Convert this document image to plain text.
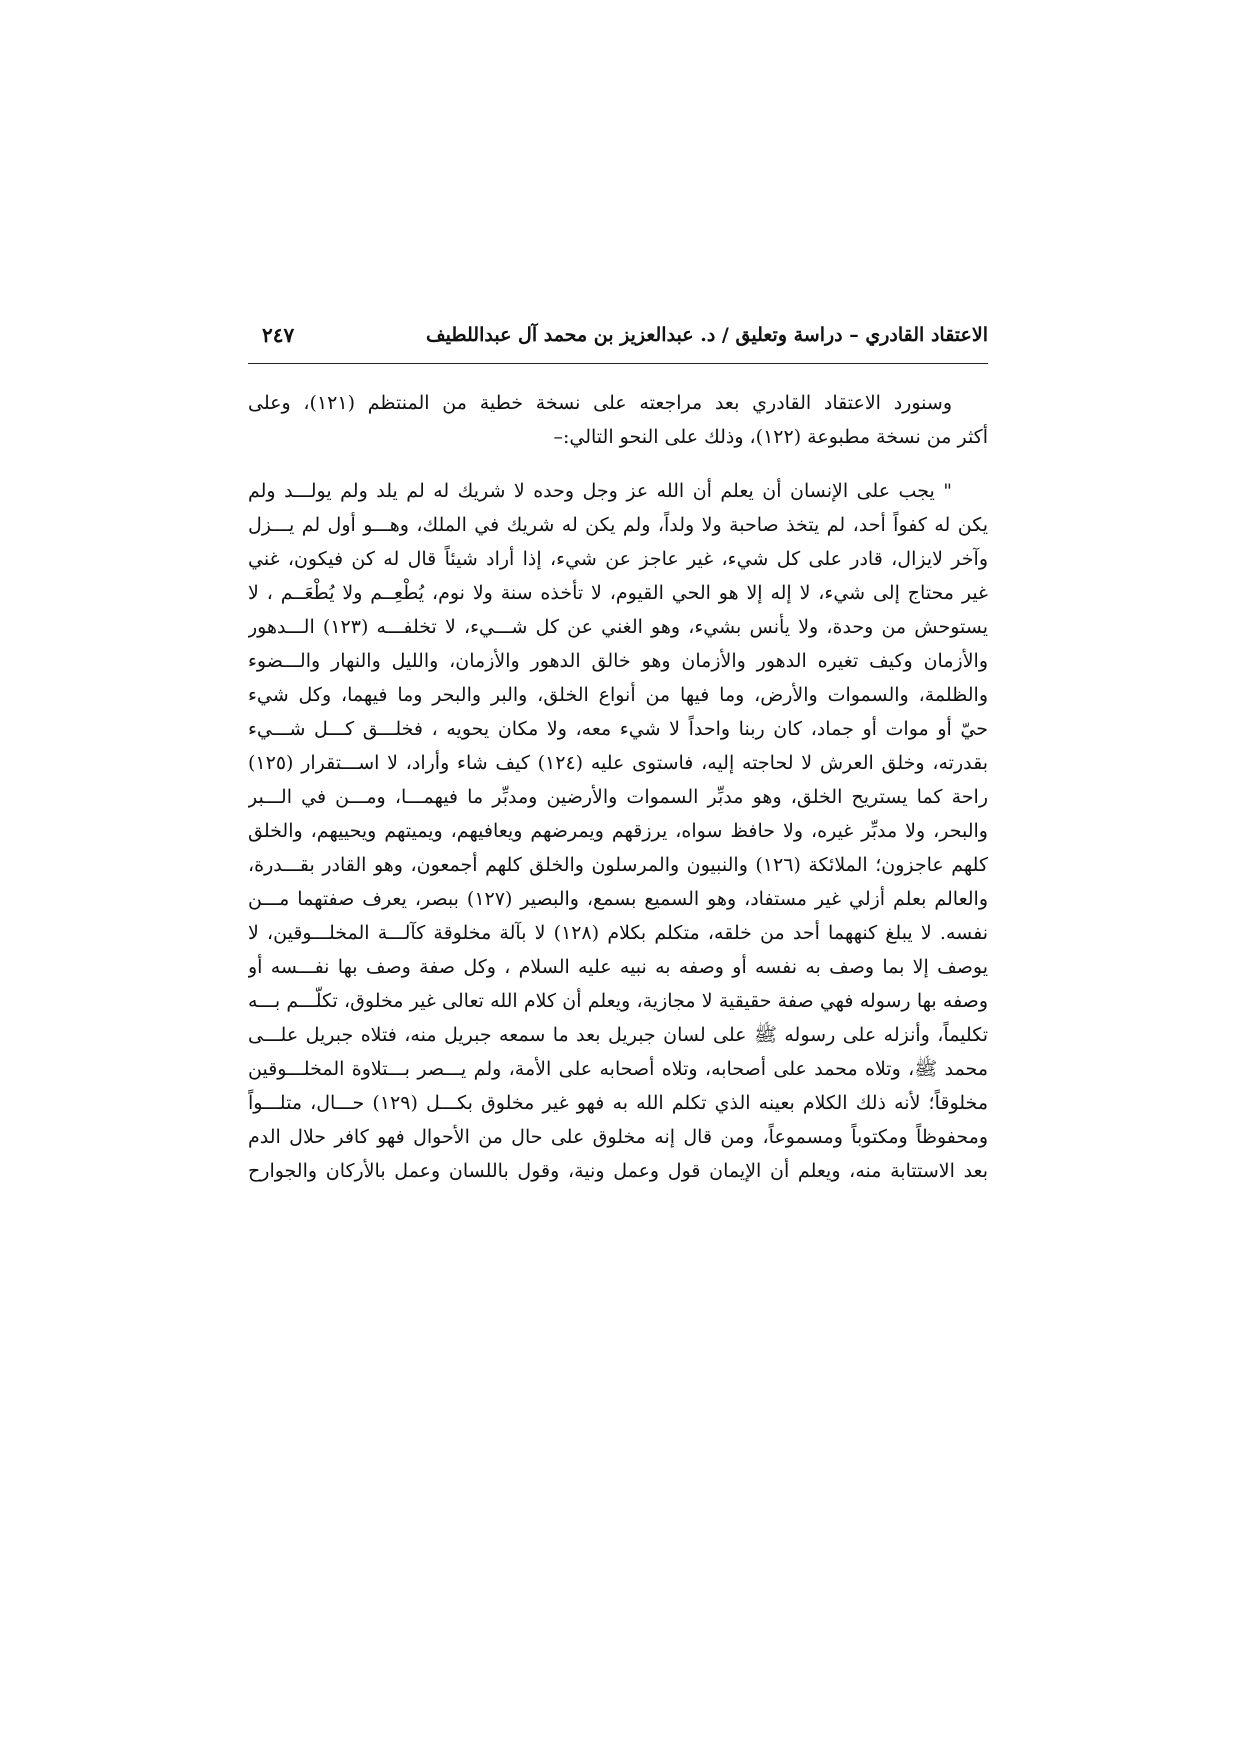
الاعتقاد القادري – دراسة وتعليق / د. عبدالعزيز بن محمد آل عبداللطيف
٢٤٧
وسنورد الاعتقاد القادري بعد مراجعته على نسخة خطية من المنتظم (١٢١)، وعلى
أكثر من نسخة مطبوعة (١٢٢)، وذلك على النحو التالي:–
" يجب على الإنسان أن يعلم أن الله عز وجل وحده لا شريك له لم يلد ولم يولـــد ولم
يكن له كفواً أحد، لم يتخذ صاحبة ولا ولداً، ولم يكن له شريك في الملك، وهـــو أول لم يـــزل
وآخر لايزال، قادر على كل شيء، غير عاجز عن شيء، إذا أراد شيئاً قال له كن فيكون، غني
غير محتاج إلى شيء، لا إله إلا هو الحي القيوم، لا تأخذه سنة ولا نوم، يُطْعِــم ولا يُطْعَــم ، لا
يستوحش من وحدة، ولا يأنس بشيء، وهو الغني عن كل شـــيء، لا تخلفـــه (١٢٣) الـــدهور
والأزمان وكيف تغيره الدهور والأزمان وهو خالق الدهور والأزمان، والليل والنهار والـــضوء
والظلمة، والسموات والأرض، وما فيها من أنواع الخلق، والبر والبحر وما فيهما، وكل شيء
حيّ أو موات أو جماد، كان ربنا واحداً لا شيء معه، ولا مكان يحويه ، فخلـــق كـــل شـــيء
بقدرته، وخلق العرش لا لحاجته إليه، فاستوى عليه (١٢٤) كيف شاء وأراد، لا اســـتقرار (١٢٥)
راحة كما يستريح الخلق، وهو مدبِّر السموات والأرضين ومدبِّر ما فيهمـــا، ومـــن في الـــبر
والبحر، ولا مدبِّر غيره، ولا حافظ سواه، يرزقهم ويمرضهم ويعافيهم، ويميتهم ويحييهم، والخلق
كلهم عاجزون؛ الملائكة (١٢٦) والنبيون والمرسلون والخلق كلهم أجمعون، وهو القادر بقـــدرة،
والعالم بعلم أزلي غير مستفاد، وهو السميع بسمع، والبصير (١٢٧) ببصر، يعرف صفتهما مـــن
نفسه. لا يبلغ كنههما أحد من خلقه، متكلم بكلام (١٢٨) لا بآلة مخلوقة كآلـــة المخلـــوقين، لا
يوصف إلا بما وصف به نفسه أو وصفه به نبيه عليه السلام ، وكل صفة وصف بها نفـــسه أو
وصفه بها رسوله فهي صفة حقيقية لا مجازية، ويعلم أن كلام الله تعالى غير مخلوق، تكلّـــم بـــه
تكليماً، وأنزله على رسوله ﷺ على لسان جبريل بعد ما سمعه جبريل منه، فتلاه جبريل علـــى
محمد ﷺ، وتلاه محمد على أصحابه، وتلاه أصحابه على الأمة، ولم يـــصر بـــتلاوة المخلـــوقين
مخلوقاً؛ لأنه ذلك الكلام بعينه الذي تكلم الله به فهو غير مخلوق بكـــل (١٢٩) حـــال، متلـــواً
ومحفوظاً ومكتوباً ومسموعاً، ومن قال إنه مخلوق على حال من الأحوال فهو كافر حلال الدم
بعد الاستتابة منه، ويعلم أن الإيمان قول وعمل ونية، وقول باللسان وعمل بالأركان والجوارح
